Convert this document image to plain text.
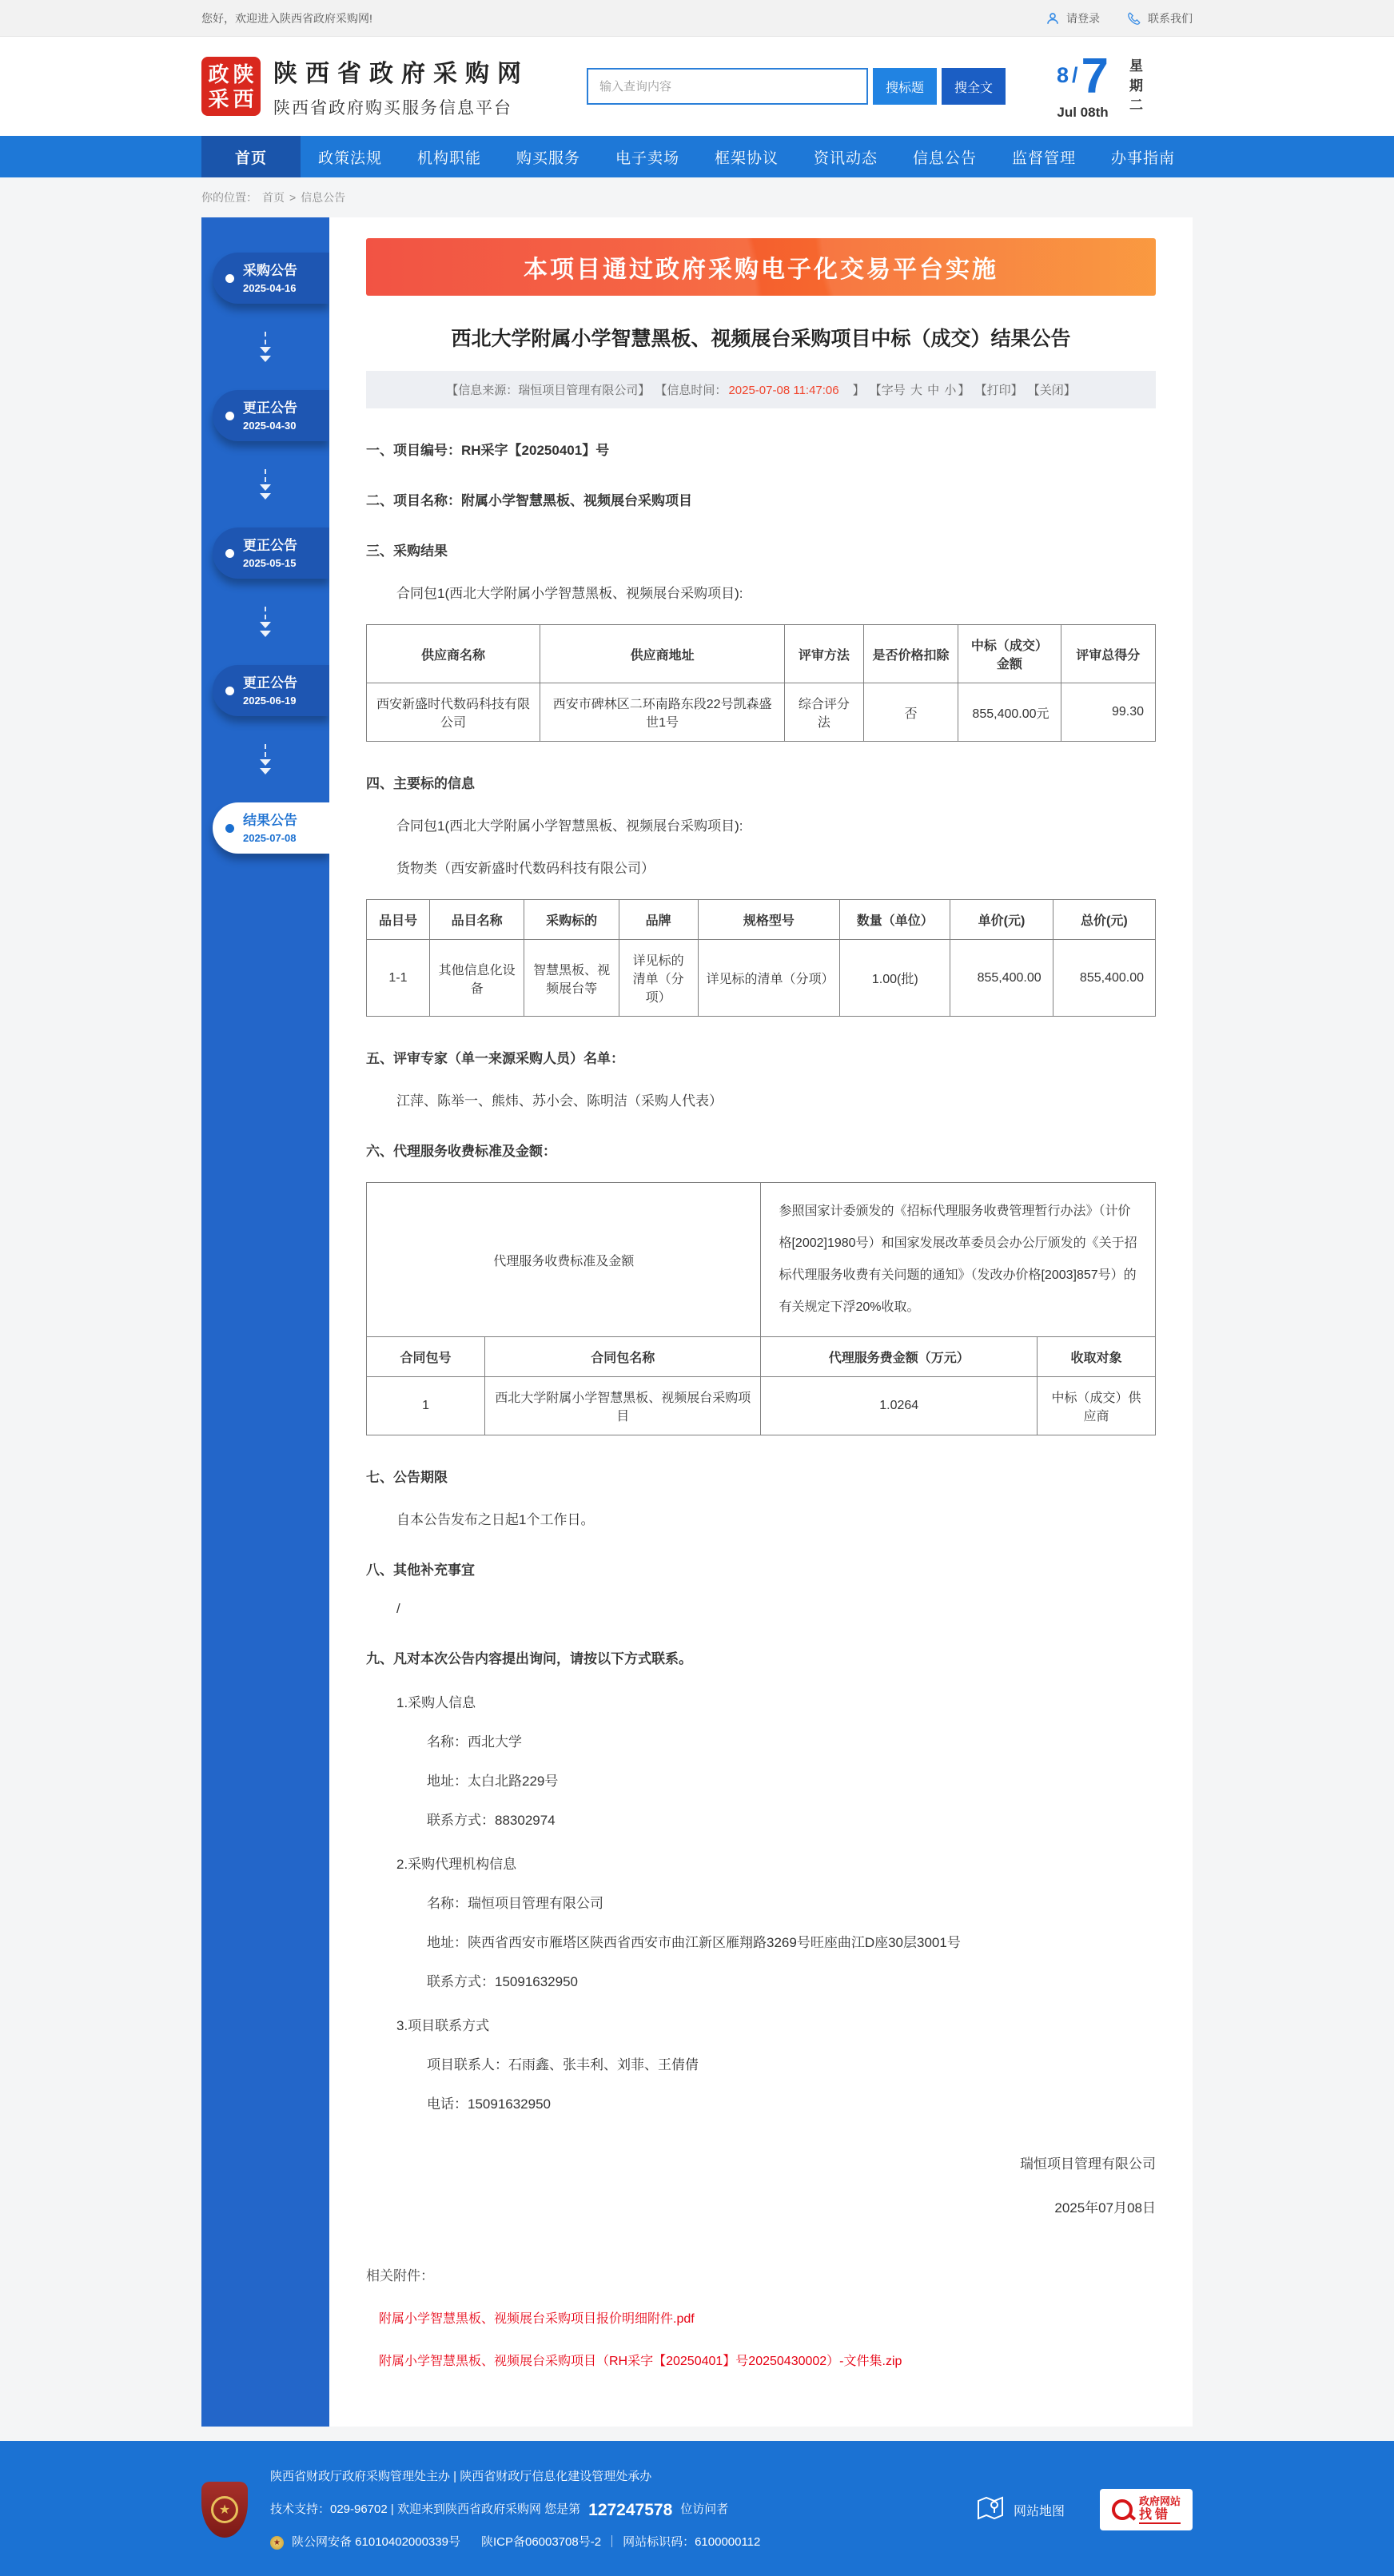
您好，欢迎进入陕西省政府采购网!	请登录	联系我们
政 陕
采 西
陕西省政府采购网
陕西省政府购买服务信息平台
输入查询内容
搜标题	搜全文
8 / 7
Jul 08th
星
期
二
首页	政策法规	机构职能	购买服务	电子卖场	框架协议	资讯动态	信息公告	监督管理	办事指南
你的位置： 首页 > 信息公告
采购公告
2025-04-16
更正公告
2025-04-30
更正公告
2025-05-15
更正公告
2025-06-19
结果公告
2025-07-08
本项目通过政府采购电子化交易平台实施
西北大学附属小学智慧黑板、视频展台采购项目中标（成交）结果公告
【信息来源：瑞恒项目管理有限公司】 【信息时间： 2025-07-08 11:47:06　】 【字号 大 中 小 】 【打印】 【关闭】
一、项目编号：RH采字【20250401】号
二、项目名称：附属小学智慧黑板、视频展台采购项目
三、采购结果
合同包1(西北大学附属小学智慧黑板、视频展台采购项目):
供应商名称	供应商地址	评审方法	是否价格扣除	中标（成交）金额	评审总得分
西安新盛时代数码科技有限公司	西安市碑林区二环南路东段22号凯森盛世1号	综合评分法	否	855,400.00元	99.30
四、主要标的信息
合同包1(西北大学附属小学智慧黑板、视频展台采购项目):
货物类（西安新盛时代数码科技有限公司）
品目号	品目名称	采购标的	品牌	规格型号	数量（单位）	单价(元)	总价(元)
1-1	其他信息化设备	智慧黑板、视频展台等	详见标的清单（分项）	详见标的清单（分项）	1.00(批)	855,400.00	855,400.00
五、评审专家（单一来源采购人员）名单：
江萍、陈举一、熊炜、苏小会、陈明洁（采购人代表）
六、代理服务收费标准及金额：
代理服务收费标准及金额		参照国家计委颁发的《招标代理服务收费管理暂行办法》（计价格[2002]1980号）和国家发展改革委员会办公厅颁发的《关于招标代理服务收费有关问题的通知》（发改办价格[2003]857号）的有关规定下浮20%收取。	
合同包号	合同包名称	代理服务费金额（万元）	收取对象
1	西北大学附属小学智慧黑板、视频展台采购项目	1.0264	中标（成交）供应商
七、公告期限
自本公告发布之日起1个工作日。
八、其他补充事宜
/
九、凡对本次公告内容提出询问，请按以下方式联系。
1.采购人信息
名称：西北大学
地址：太白北路229号
联系方式：88302974
2.采购代理机构信息
名称：瑞恒项目管理有限公司
地址：陕西省西安市雁塔区陕西省西安市曲江新区雁翔路3269号旺座曲江D座30层3001号
联系方式：15091632950
3.项目联系方式
项目联系人：石雨鑫、张丰利、刘菲、王倩倩
电话：15091632950
瑞恒项目管理有限公司
2025年07月08日
相关附件：
附属小学智慧黑板、视频展台采购项目报价明细附件.pdf
附属小学智慧黑板、视频展台采购项目（RH采字【20250401】号20250430002）-文件集.zip
★
陕西省财政厅政府采购管理处主办 | 陕西省财政厅信息化建设管理处承办
技术支持：029-96702 | 欢迎来到陕西省政府采购网 您是第 127247578 位访问者
★ 陕公网安备 61010402000339号 陕ICP备06003708号-2 ｜ 网站标识码：6100000112
网站地图
政府网站
找错
